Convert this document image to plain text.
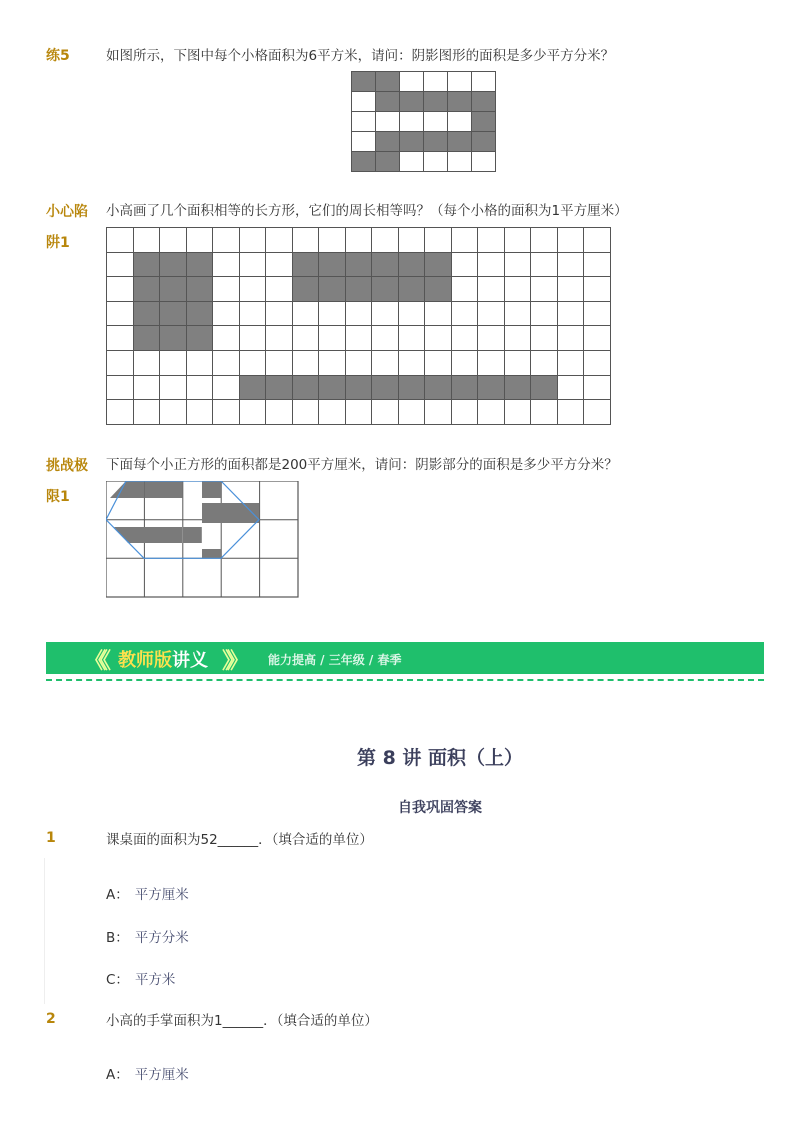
练5	如图所示，下图中每个小格面积为6平方米，请问：阴影图形的面积是多少平方分米？

小心陷
阱1
小高画了几个面积相等的长方形，它们的周长相等吗？（每个小格的面积为1平方厘米）

挑战极
限1
下面每个小正方形的面积都是200平方厘米，请问：阴影部分的面积是多少平方分米？
《《 教师版讲义 》》 能力提高 / 三年级 / 春季
第 8 讲 面积（上）
自我巩固答案
1	课桌面的面积为52______．（填合适的单位）
A： 平方厘米
B： 平方分米
C： 平方米
2	小高的手掌面积为1______．（填合适的单位）
A： 平方厘米
